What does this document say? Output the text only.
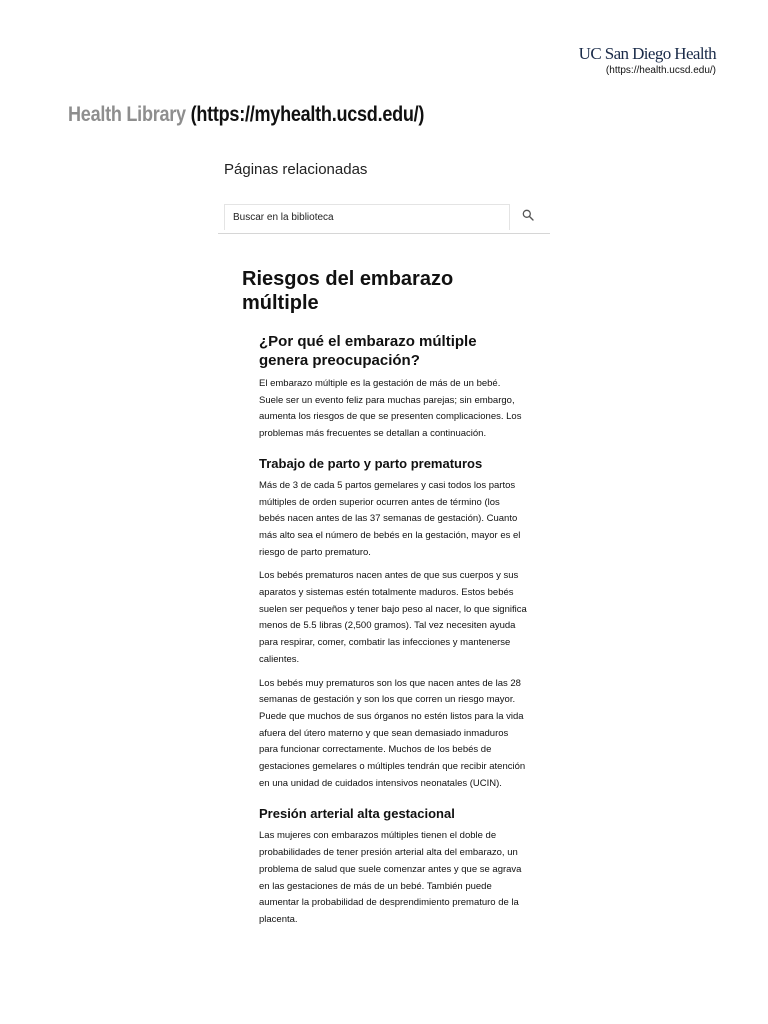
UC San Diego Health
(https://health.ucsd.edu/)
Health Library (https://myhealth.ucsd.edu/)
Páginas relacionadas
Buscar en la biblioteca
Riesgos del embarazo múltiple
¿Por qué el embarazo múltiple genera preocupación?

El embarazo múltiple es la gestación de más de un bebé. Suele ser un evento feliz para muchas parejas; sin embargo, aumenta los riesgos de que se presenten complicaciones. Los problemas más frecuentes se detallan a continuación.

Trabajo de parto y parto prematuros

Más de 3 de cada 5 partos gemelares y casi todos los partos múltiples de orden superior ocurren antes de término (los bebés nacen antes de las 37 semanas de gestación). Cuanto más alto sea el número de bebés en la gestación, mayor es el riesgo de parto prematuro.

Los bebés prematuros nacen antes de que sus cuerpos y sus aparatos y sistemas estén totalmente maduros. Estos bebés suelen ser pequeños y tener bajo peso al nacer, lo que significa menos de 5.5 libras (2,500 gramos). Tal vez necesiten ayuda para respirar, comer, combatir las infecciones y mantenerse calientes.

Los bebés muy prematuros son los que nacen antes de las 28 semanas de gestación y son los que corren un riesgo mayor. Puede que muchos de sus órganos no estén listos para la vida afuera del útero materno y que sean demasiado inmaduros para funcionar correctamente. Muchos de los bebés de gestaciones gemelares o múltiples tendrán que recibir atención en una unidad de cuidados intensivos neonatales (UCIN).

Presión arterial alta gestacional

Las mujeres con embarazos múltiples tienen el doble de probabilidades de tener presión arterial alta del embarazo, un problema de salud que suele comenzar antes y que se agrava en las gestaciones de más de un bebé. También puede aumentar la probabilidad de desprendimiento prematuro de la placenta.
